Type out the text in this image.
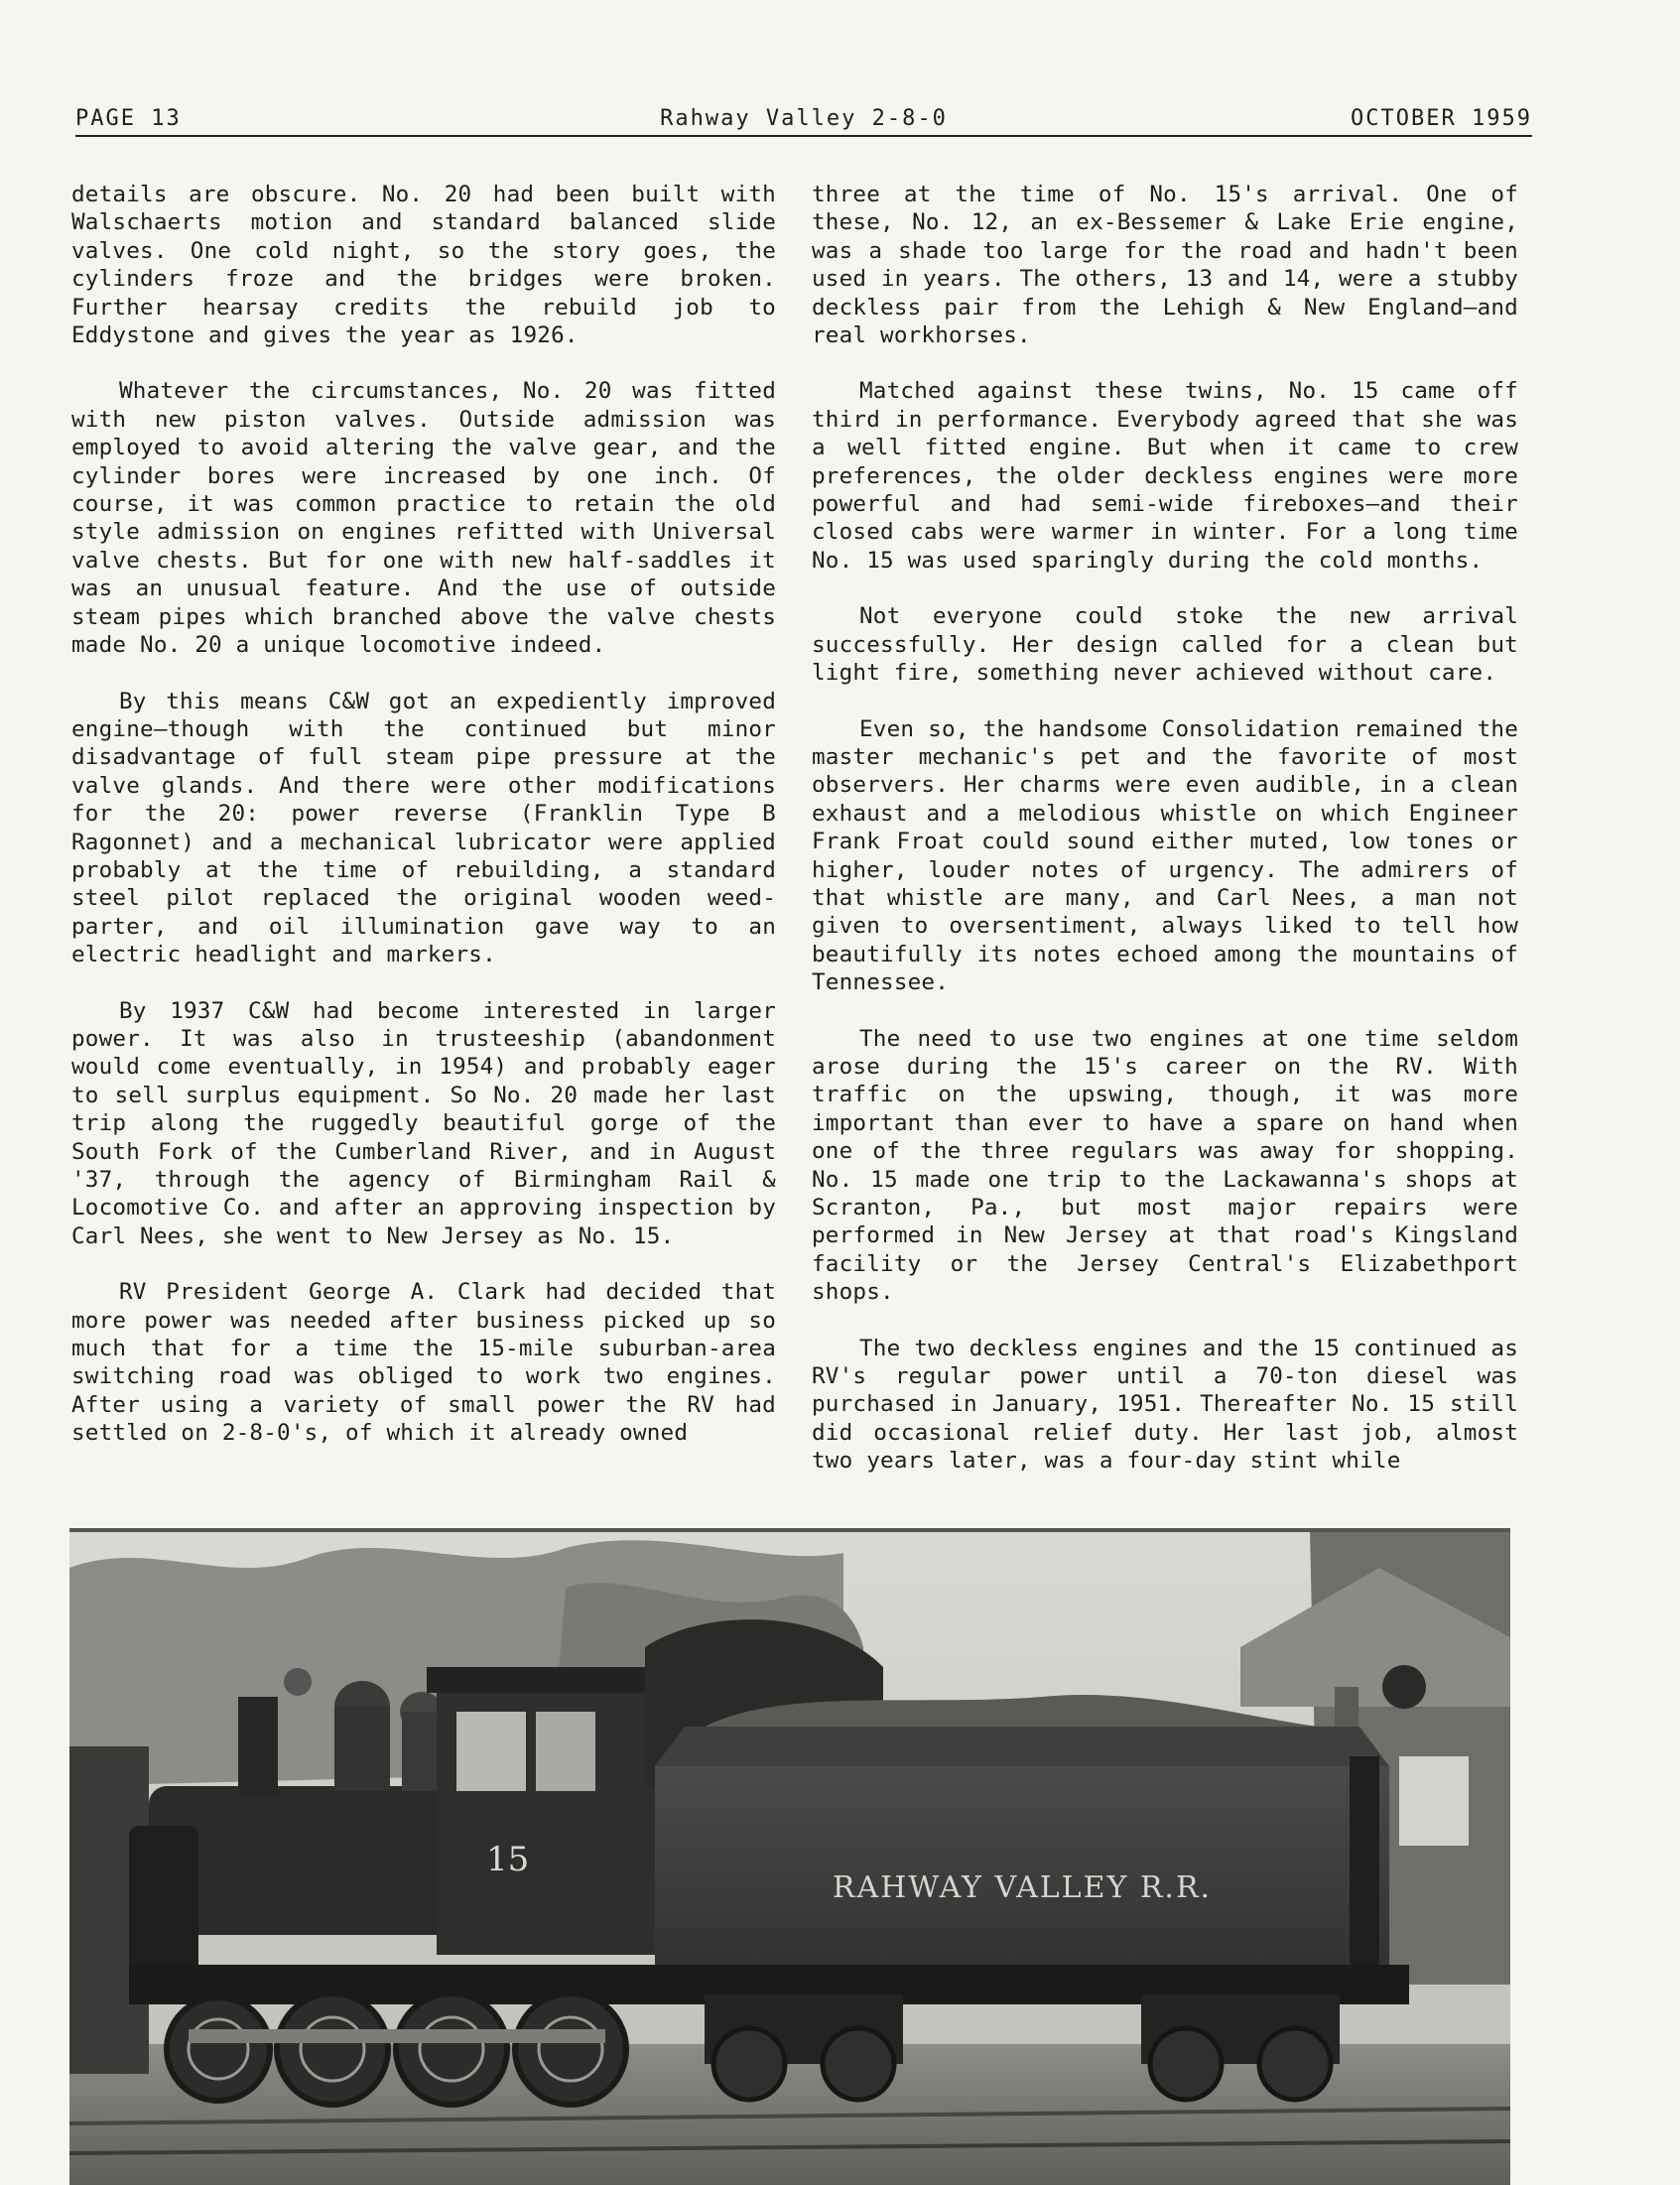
PAGE 13	Rahway Valley 2-8-0	OCTOBER 1959

details are obscure. No. 20 had been built with Walschaerts motion and standard balanced slide valves. One cold night, so the story goes, the cylinders froze and the bridges were broken. Further hearsay credits the rebuild job to Eddystone and gives the year as 1926.

Whatever the circumstances, No. 20 was fitted with new piston valves. Outside admission was employed to avoid altering the valve gear, and the cylinder bores were increased by one inch. Of course, it was common practice to retain the old style admission on engines refitted with Universal valve chests. But for one with new half-saddles it was an unusual feature. And the use of outside steam pipes which branched above the valve chests made No. 20 a unique locomotive indeed.

By this means C&W got an expediently improved engine—though with the continued but minor disadvantage of full steam pipe pressure at the valve glands. And there were other modifications for the 20: power reverse (Franklin Type B Ragonnet) and a mechanical lubricator were applied probably at the time of rebuilding, a standard steel pilot replaced the original wooden weed-parter, and oil illumination gave way to an electric headlight and markers.

By 1937 C&W had become interested in larger power. It was also in trusteeship (abandonment would come eventually, in 1954) and probably eager to sell surplus equipment. So No. 20 made her last trip along the ruggedly beautiful gorge of the South Fork of the Cumberland River, and in August '37, through the agency of Birmingham Rail & Locomotive Co. and after an approving inspection by Carl Nees, she went to New Jersey as No. 15.

RV President George A. Clark had decided that more power was needed after business picked up so much that for a time the 15-mile suburban-area switching road was obliged to work two engines. After using a variety of small power the RV had settled on 2-8-0's, of which it already owned

three at the time of No. 15's arrival. One of these, No. 12, an ex-Bessemer & Lake Erie engine, was a shade too large for the road and hadn't been used in years. The others, 13 and 14, were a stubby deckless pair from the Lehigh & New England—and real workhorses.

Matched against these twins, No. 15 came off third in performance. Everybody agreed that she was a well fitted engine. But when it came to crew preferences, the older deckless engines were more powerful and had semi-wide fireboxes—and their closed cabs were warmer in winter. For a long time No. 15 was used sparingly during the cold months.

Not everyone could stoke the new arrival successfully. Her design called for a clean but light fire, something never achieved without care.

Even so, the handsome Consolidation remained the master mechanic's pet and the favorite of most observers. Her charms were even audible, in a clean exhaust and a melodious whistle on which Engineer Frank Froat could sound either muted, low tones or higher, louder notes of urgency. The admirers of that whistle are many, and Carl Nees, a man not given to oversentiment, always liked to tell how beautifully its notes echoed among the mountains of Tennessee.

The need to use two engines at one time seldom arose during the 15's career on the RV. With traffic on the upswing, though, it was more important than ever to have a spare on hand when one of the three regulars was away for shopping. No. 15 made one trip to the Lackawanna's shops at Scranton, Pa., but most major repairs were performed in New Jersey at that road's Kingsland facility or the Jersey Central's Elizabethport shops.

The two deckless engines and the 15 continued as RV's regular power until a 70-ton diesel was purchased in January, 1951. Thereafter No. 15 still did occasional relief duty. Her last job, almost two years later, was a four-day stint while

15
RAHWAY VALLEY R.R.
